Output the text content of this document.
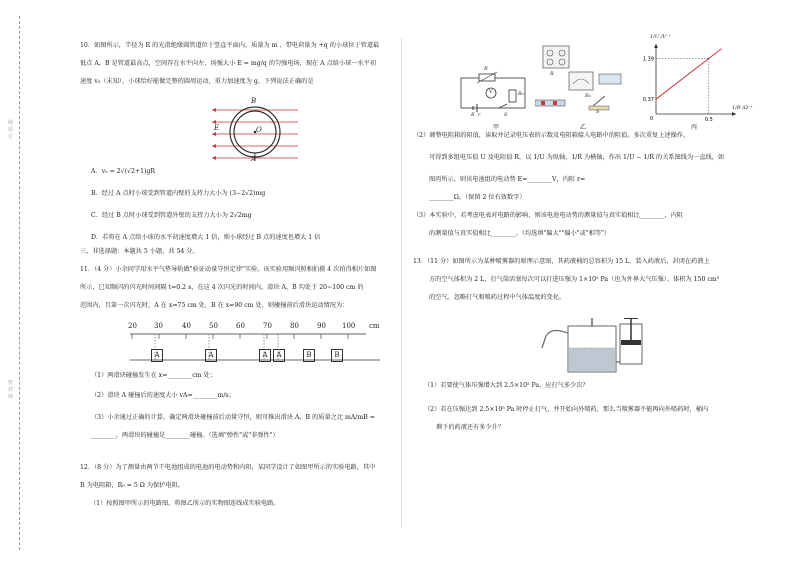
线 装 订
密 封 线
10．如图所示，半径为 R 的光滑绝缘圆管道位于竖直平面内，质量为 m 、带电荷量为 +q 的小球位于管道最
低点 A，B 是管道最高点，空间存在水平向左、场强大小 E = mg/q 的匀强电场，现在 A 点给小球一水平初
速度 v₀（未知），小球恰好能做完整的圆周运动，重力加速度为 g，下列说法正确的是
B
E	O
A
A．v₀ = 2√(√2+1)gR
B．经过 A 点时小球受到管道内壁的支持力大小为 (3−2√2)mg
C．经过 B 点时小球受到管道外壁的支持力大小为 2√2mg
D．若将在 A 点给小球的水平初速度增大 1 倍，则小球经过 B 点的速度也增大 1 倍
三、非选择题：本题共 5 小题，共 54 分。
11．（4 分）小余同学用水平气垫导轨做"验证动量守恒定律"实验。该实验用频闪照相拍摄 4 次拍得相片如图
所示，已知频闪的闪光时间间隔 t=0.2 s，在这 4 次闪光的时间内，滑块 A、B 均处于 20~100 cm 的
范围内，且第一次闪光时，A 在 x=75 cm 处，B 在 x=90 cm 处，则碰撞前后滑块运动情况为：
20 30	40	50	60	70	80	90 100 cm
A	A	A	A	B	B
（1）两滑块碰撞发生在 x=________cm 处；
（2）滑块 A 碰撞后的速度大小 vA=________m/s；
（3）小余通过正确的计算，确定两滑块碰撞前后动量守恒，则可推出滑块 A、B 的质量之比 mA/mB =
________，两滑块的碰撞是________碰撞。（选填"弹性"或"非弹性"）
12．（8 分）为了测量由两节干电池组成的电池的电动势和内阻，某同学设计了如图甲所示的实验电路，其中
R 为电阻箱，R₀ = 5 Ω 为保护电阻。
（1）按照图甲所示的电路图，将图乙所示的实物图连线成实验电路。
R
V	R₀
E r	S
甲
R
R₀
S
乙
1.39
0.37
0.5
0
1/U /V⁻¹
1/R /Ω⁻¹
丙
（2）调整电阻箱的阻值，读取并记录电压表的示数及电阻箱接入电路中的阻值。多次重复上述操作，
可得到多组电压值 U 及电阻值 R，以 1/U 为纵轴，1/R 为横轴，作出 1/U − 1/R 的关系图线为一直线，如
图丙所示，则该电池组的电动势 E=________V，内阻 r=
________Ω。（保留 2 位有效数字）
（3）本实验中，若考虑电表对电路的影响，则该电池电动势的测量值与真实值相比________，内阻
的测量值与真实值相比________。（均选填"偏大""偏小"或"相等"）
13．（11 分）如图所示为某种喷雾器的原理示意图，其药液桶的总容积为 15 L，装入药液后，封闭在药液上
方的空气体积为 2 L，打气筒活塞每次可以打进压强为 1×10⁵ Pa（也为外界大气压强）、体积为 150 cm³
的空气。忽略打气和喷药过程中气体温度的变化。
（1）若要使气体压强增大到 2.5×10⁵ Pa，应打气多少次？
（2）若在压强达到 2.5×10⁵ Pa 时停止打气，并开始向外喷药，那么当喷雾器不能再向外喷药时，桶内
剩下的药液还有多少升？
